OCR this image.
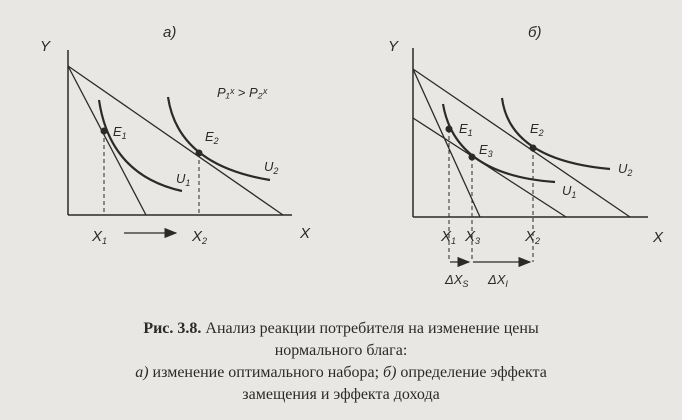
а)
Y
X
P₁ˣ > P₂ˣ
$E_1$	$E_2$
$U_1$
$U_2$
$X_1$	$X_2$
б)
Y
X
$E_1$
$E_3$
$E_2$
$U_1$
$U_2$
$X_1$ $X_3$	$X_2$
$\Delta X_S$ $\Delta X_I$
Рис. 3.8. Анализ реакции потребителя на изменение цены
нормального блага:
а) изменение оптимального набора; б) определение эффекта
замещения и эффекта дохода
